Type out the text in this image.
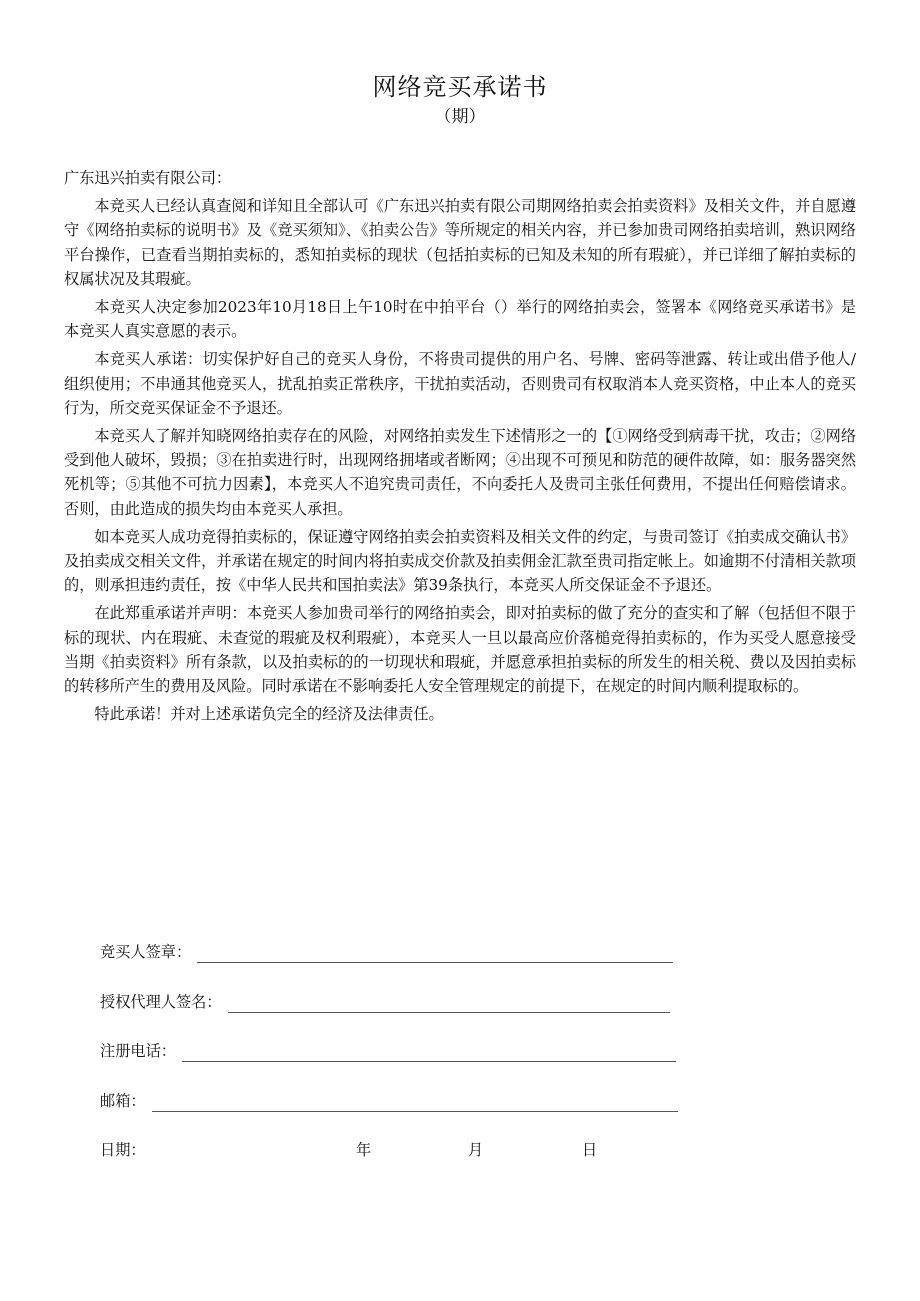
网络竞买承诺书
（期）

广东迅兴拍卖有限公司：

本竞买人已经认真查阅和详知且全部认可《广东迅兴拍卖有限公司期网络拍卖会拍卖资料》及相关文件，并自愿遵守《网络拍卖标的说明书》及《竞买须知》、《拍卖公告》等所规定的相关内容，并已参加贵司网络拍卖培训，熟识网络平台操作，已查看当期拍卖标的，悉知拍卖标的现状（包括拍卖标的已知及未知的所有瑕疵），并已详细了解拍卖标的权属状况及其瑕疵。

本竞买人决定参加2023年10月18日上午10时在中拍平台（）举行的网络拍卖会，签署本《网络竞买承诺书》是本竞买人真实意愿的表示。

本竞买人承诺：切实保护好自己的竞买人身份，不将贵司提供的用户名、号牌、密码等泄露、转让或出借予他人/组织使用；不串通其他竞买人，扰乱拍卖正常秩序，干扰拍卖活动，否则贵司有权取消本人竞买资格，中止本人的竞买行为，所交竞买保证金不予退还。

本竞买人了解并知晓网络拍卖存在的风险，对网络拍卖发生下述情形之一的【①网络受到病毒干扰，攻击；②网络受到他人破坏，毁损；③在拍卖进行时，出现网络拥堵或者断网；④出现不可预见和防范的硬件故障，如：服务器突然死机等；⑤其他不可抗力因素】，本竞买人不追究贵司责任，不向委托人及贵司主张任何费用，不提出任何赔偿请求。否则，由此造成的损失均由本竞买人承担。

如本竞买人成功竞得拍卖标的，保证遵守网络拍卖会拍卖资料及相关文件的约定，与贵司签订《拍卖成交确认书》及拍卖成交相关文件，并承诺在规定的时间内将拍卖成交价款及拍卖佣金汇款至贵司指定帐上。如逾期不付清相关款项的，则承担违约责任，按《中华人民共和国拍卖法》第39条执行，本竞买人所交保证金不予退还。

在此郑重承诺并声明：本竞买人参加贵司举行的网络拍卖会，即对拍卖标的做了充分的查实和了解（包括但不限于标的现状、内在瑕疵、未查觉的瑕疵及权利瑕疵），本竞买人一旦以最高应价落槌竞得拍卖标的，作为买受人愿意接受当期《拍卖资料》所有条款，以及拍卖标的的一切现状和瑕疵，并愿意承担拍卖标的所发生的相关税、费以及因拍卖标的转移所产生的费用及风险。同时承诺在不影响委托人安全管理规定的前提下，在规定的时间内顺利提取标的。

特此承诺！并对上述承诺负完全的经济及法律责任。

竞买人签章：
授权代理人签名：
注册电话：
邮箱：
日期：	年	月	日
